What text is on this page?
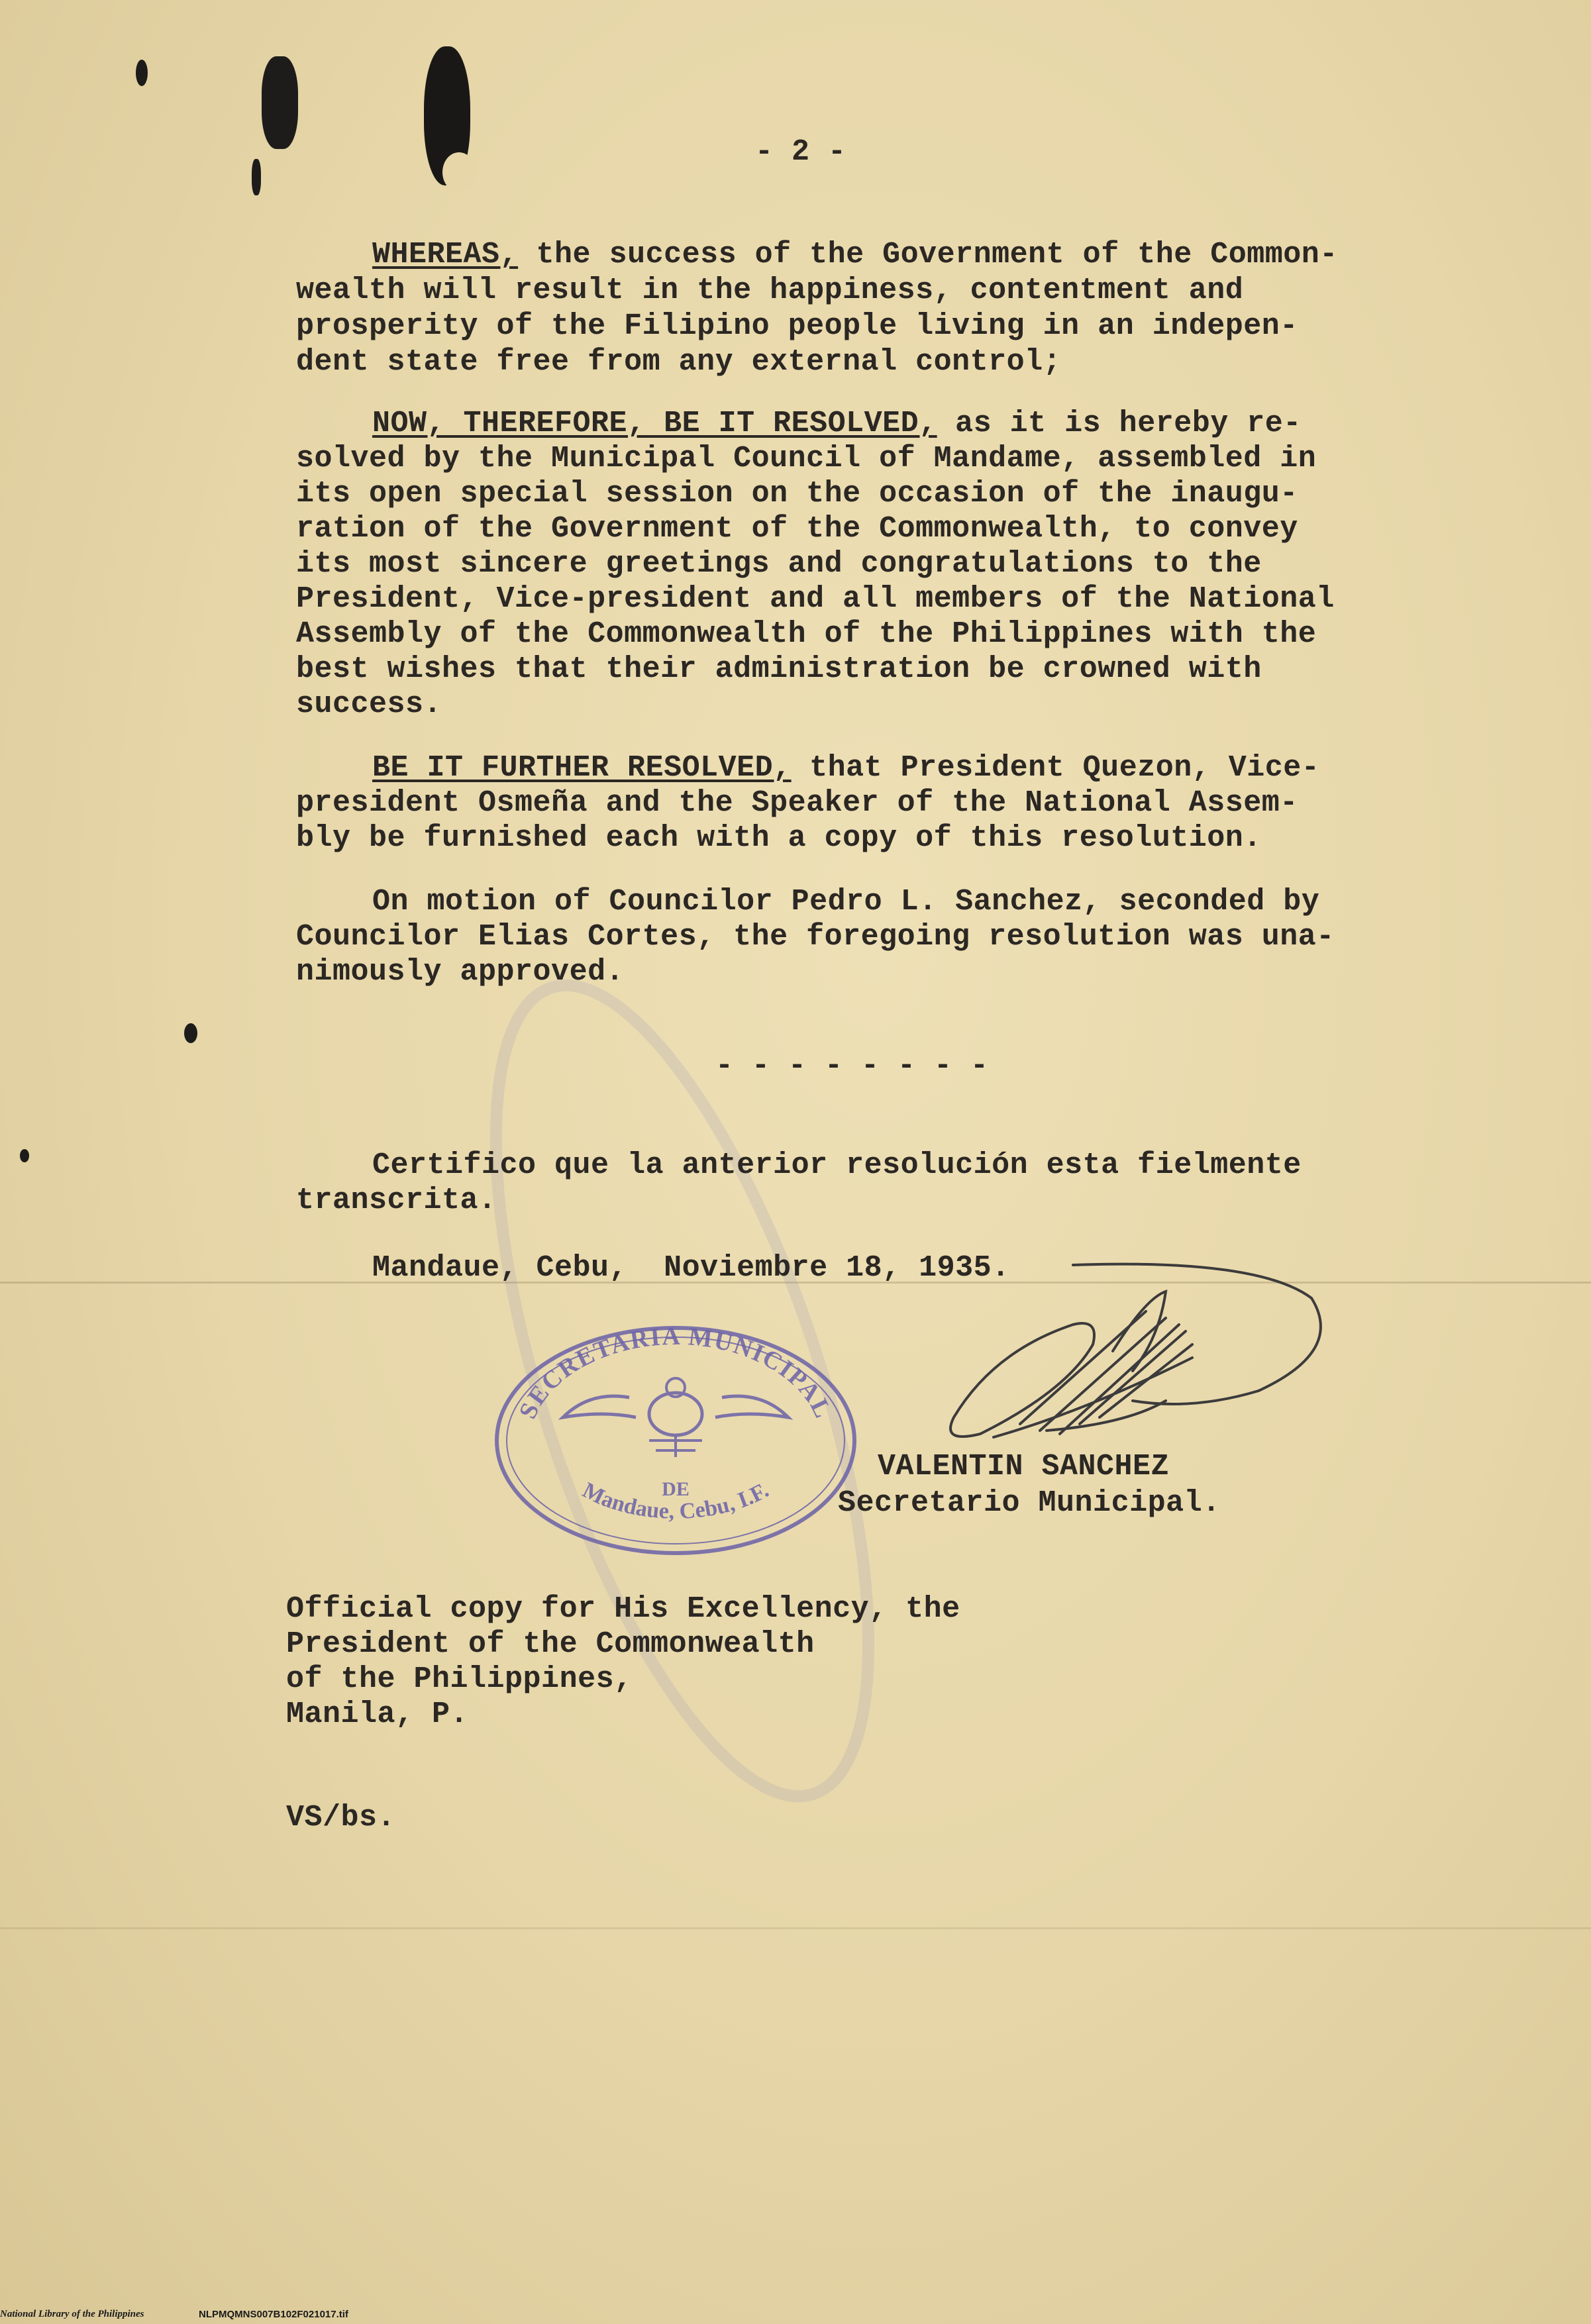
- 2 -

WHEREAS, the success of the Government of the Common-

wealth will result in the happiness, contentment and

prosperity of the Filipino people living in an indepen-

dent state free from any external control;

NOW, THEREFORE, BE IT RESOLVED, as it is hereby re-

solved by the Municipal Council of Mandame, assembled in

its open special session on the occasion of the inaugu-

ration of the Government of the Commonwealth, to convey

its most sincere greetings and congratulations to the

President, Vice-president and all members of the National

Assembly of the Commonwealth of the Philippines with the

best wishes that their administration be crowned with

success.

BE IT FURTHER RESOLVED, that President Quezon, Vice-

president Osmeña and the Speaker of the National Assem-

bly be furnished each with a copy of this resolution.

On motion of Councilor Pedro L. Sanchez, seconded by

Councilor Elias Cortes, the foregoing resolution was una-

nimously approved.

- - - - - - - -

Certifico que la anterior resolución esta fielmente

transcrita.

Mandaue, Cebu,  Noviembre 18, 1935.

SECRETARIA MUNICIPAL
DE
Mandaue, Cebu, I.F.

VALENTIN SANCHEZ

Secretario Municipal.

Official copy for His Excellency, the

President of the Commonwealth

of the Philippines,

Manila, P.

VS/bs.

National Library of the Philippines	NLPMQMNS007B102F021017.tif
